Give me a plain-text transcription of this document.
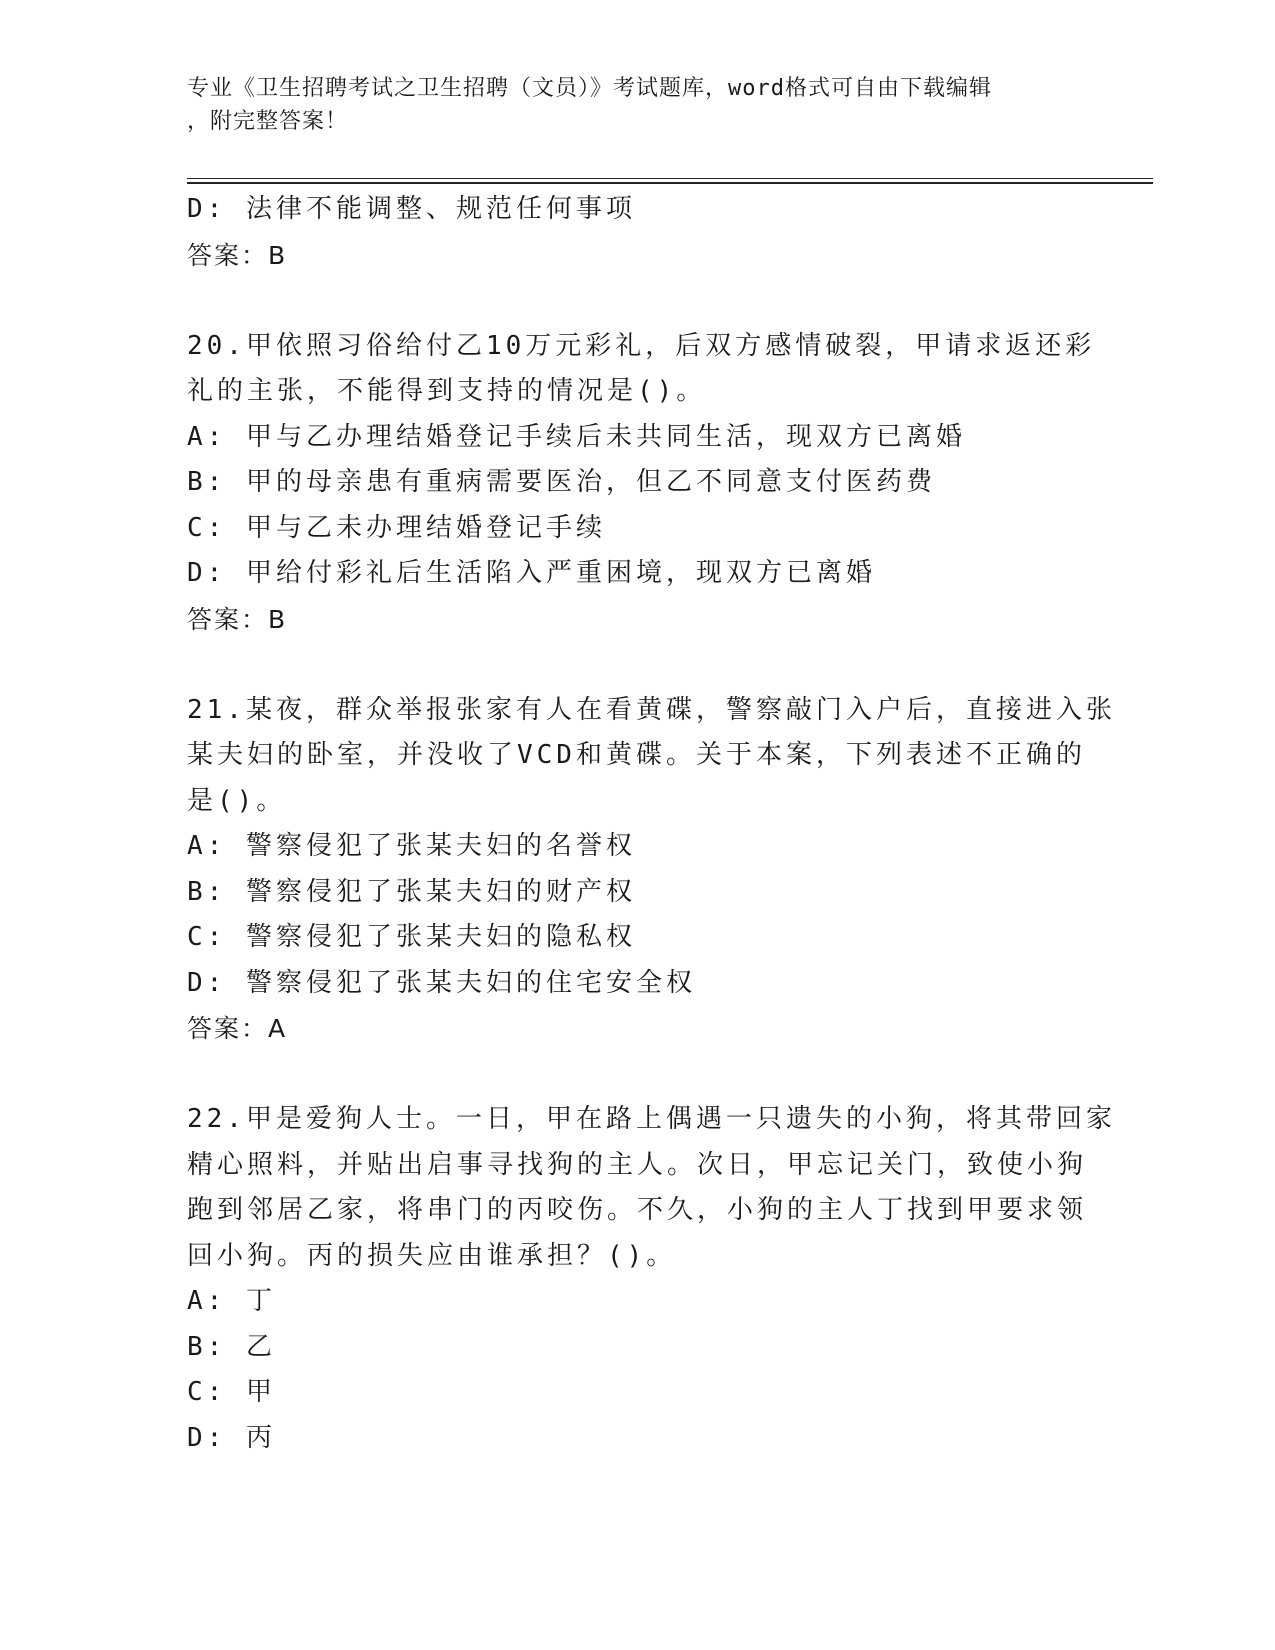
专业《卫生招聘考试之卫生招聘（文员）》考试题库，word格式可自由下载编辑
，附完整答案！
D: 法律不能调整、规范任何事项
答案：B
20.甲依照习俗给付乙10万元彩礼，后双方感情破裂，甲请求返还彩
礼的主张，不能得到支持的情况是()。
A: 甲与乙办理结婚登记手续后未共同生活，现双方已离婚
B: 甲的母亲患有重病需要医治，但乙不同意支付医药费
C: 甲与乙未办理结婚登记手续
D: 甲给付彩礼后生活陷入严重困境，现双方已离婚
答案：B
21.某夜，群众举报张家有人在看黄碟，警察敲门入户后，直接进入张
某夫妇的卧室，并没收了VCD和黄碟。关于本案，下列表述不正确的
是()。
A: 警察侵犯了张某夫妇的名誉权
B: 警察侵犯了张某夫妇的财产权
C: 警察侵犯了张某夫妇的隐私权
D: 警察侵犯了张某夫妇的住宅安全权
答案：A
22.甲是爱狗人士。一日，甲在路上偶遇一只遗失的小狗，将其带回家
精心照料，并贴出启事寻找狗的主人。次日，甲忘记关门，致使小狗
跑到邻居乙家，将串门的丙咬伤。不久，小狗的主人丁找到甲要求领
回小狗。丙的损失应由谁承担？()。
A: 丁
B: 乙
C: 甲
D: 丙
